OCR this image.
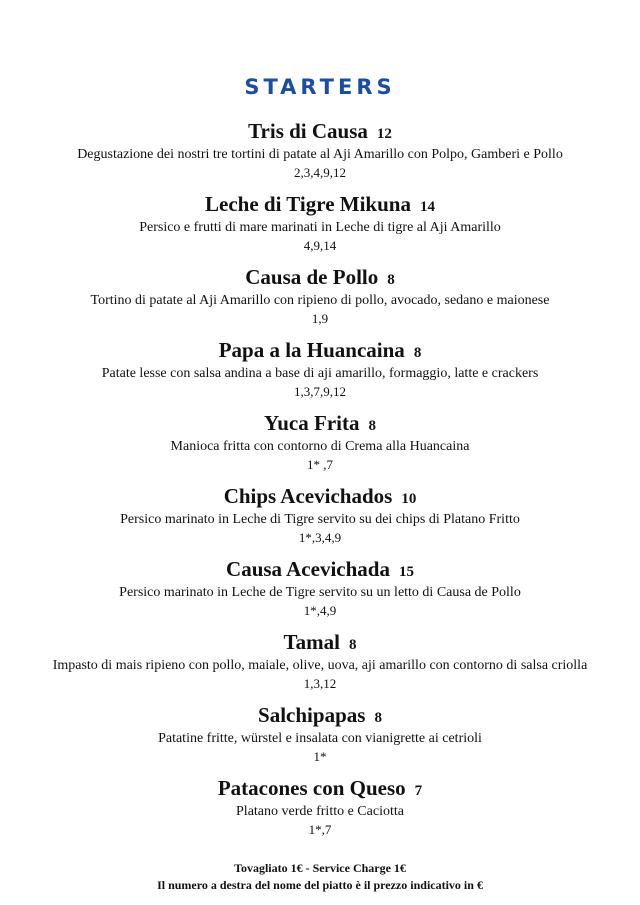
STARTERS
Tris di Causa 12
Degustazione dei nostri tre tortini di patate al Aji Amarillo con Polpo, Gamberi e Pollo
2,3,4,9,12
Leche di Tigre Mikuna 14
Persico e frutti di mare marinati in Leche di tigre al Aji Amarillo
4,9,14
Causa de Pollo 8
Tortino di patate al Aji Amarillo con ripieno di pollo, avocado, sedano e maionese
1,9
Papa a la Huancaina 8
Patate lesse con salsa andina a base di aji amarillo, formaggio, latte e crackers
1,3,7,9,12
Yuca Frita 8
Manioca fritta con contorno di Crema alla Huancaina
1* ,7
Chips Acevichados 10
Persico marinato in Leche di Tigre servito su dei chips di Platano Fritto
1*,3,4,9
Causa Acevichada 15
Persico marinato in Leche de Tigre servito su un letto di Causa de Pollo
1*,4,9
Tamal 8
Impasto di mais ripieno con pollo, maiale, olive, uova, aji amarillo con contorno di salsa criolla
1,3,12
Salchipapas 8
Patatine fritte, würstel e insalata con vianigrette ai cetrioli
1*
Patacones con Queso 7
Platano verde fritto e Caciotta
1*,7
Tovagliato 1€ - Service Charge 1€
Il numero a destra del nome del piatto è il prezzo indicativo in €
